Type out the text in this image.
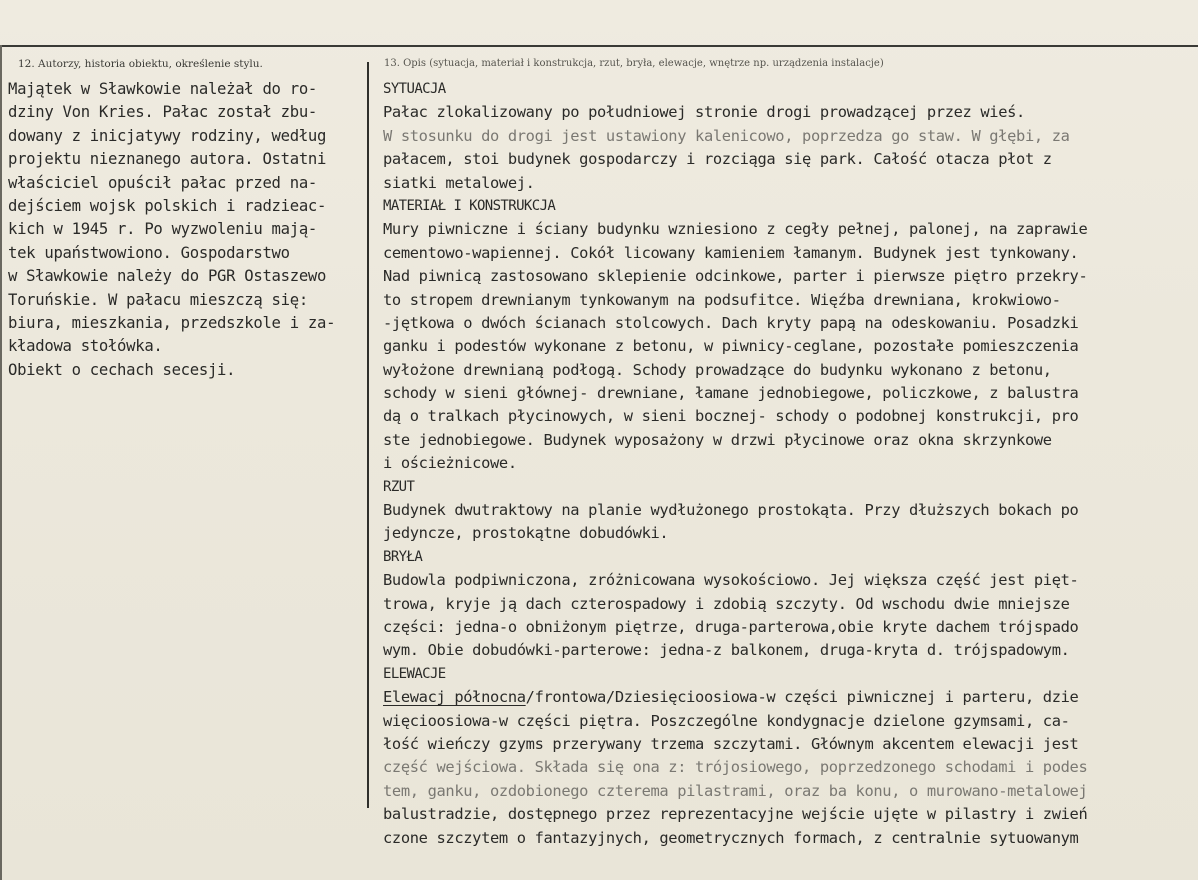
12. Autorzy, historia obiektu, określenie stylu.	13. Opis (sytuacja, materiał i konstrukcja, rzut, bryła, elewacje, wnętrze np. urządzenia instalacje)
Majątek w Sławkowie należał do ro-
dziny Von Kries. Pałac został zbu-
dowany z inicjatywy rodziny, według
projektu nieznanego autora. Ostatni
właściciel opuścił pałac przed na-
dejściem wojsk polskich i radzieac-
kich w 1945 r. Po wyzwoleniu mają-
tek upaństwowiono. Gospodarstwo
w Sławkowie należy do PGR Ostaszewo
Toruńskie. W pałacu mieszczą się:
biura, mieszkania, przedszkole i za-
kładowa stołówka.
Obiekt o cechach secesji.
SYTUACJA
Pałac zlokalizowany po południowej stronie drogi prowadzącej przez wieś.
W stosunku do drogi jest ustawiony kalenicowo, poprzedza go staw. W głębi, za
pałacem, stoi budynek gospodarczy i rozciąga się park. Całość otacza płot z
siatki metalowej.
MATERIAŁ I KONSTRUKCJA
Mury piwniczne i ściany budynku wzniesiono z cegły pełnej, palonej, na zaprawie
cementowo-wapiennej. Cokół licowany kamieniem łamanym. Budynek jest tynkowany.
Nad piwnicą zastosowano sklepienie odcinkowe, parter i pierwsze piętro przekry-
to stropem drewnianym tynkowanym na podsufitce. Więźba drewniana, krokwiowo-
-jętkowa o dwóch ścianach stolcowych. Dach kryty papą na odeskowaniu. Posadzki
ganku i podestów wykonane z betonu, w piwnicy-ceglane, pozostałe pomieszczenia
wyłożone drewnianą podłogą. Schody prowadzące do budynku wykonano z betonu,
schody w sieni głównej- drewniane, łamane jednobiegowe, policzkowe, z balustra
dą o tralkach płycinowych, w sieni bocznej- schody o podobnej konstrukcji, pro
ste jednobiegowe. Budynek wyposażony w drzwi płycinowe oraz okna skrzynkowe
i ościeżnicowe.
RZUT
Budynek dwutraktowy na planie wydłużonego prostokąta. Przy dłuższych bokach po
jedyncze, prostokątne dobudówki.
BRYŁA
Budowla podpiwniczona, zróżnicowana wysokościowo. Jej większa część jest pięt-
trowa, kryje ją dach czterospadowy i zdobią szczyty. Od wschodu dwie mniejsze
części: jedna-o obniżonym piętrze, druga-parterowa,obie kryte dachem trójspado
wym. Obie dobudówki-parterowe: jedna-z balkonem, druga-kryta d. trójspadowym.
ELEWACJE
Elewacj północna/frontowa/Dziesięcioosiowa-w części piwnicznej i parteru, dzie
więcioosiowa-w części piętra. Poszczególne kondygnacje dzielone gzymsami, ca-
łość wieńczy gzyms przerywany trzema szczytami. Głównym akcentem elewacji jest
część wejściowa. Składa się ona z: trójosiowego, poprzedzonego schodami i podes
tem, ganku, ozdobionego czterema pilastrami, oraz ba konu, o murowano-metalowej
balustradzie, dostępnego przez reprezentacyjne wejście ujęte w pilastry i zwień
czone szczytem o fantazyjnych, geometrycznych formach, z centralnie sytuowanym
